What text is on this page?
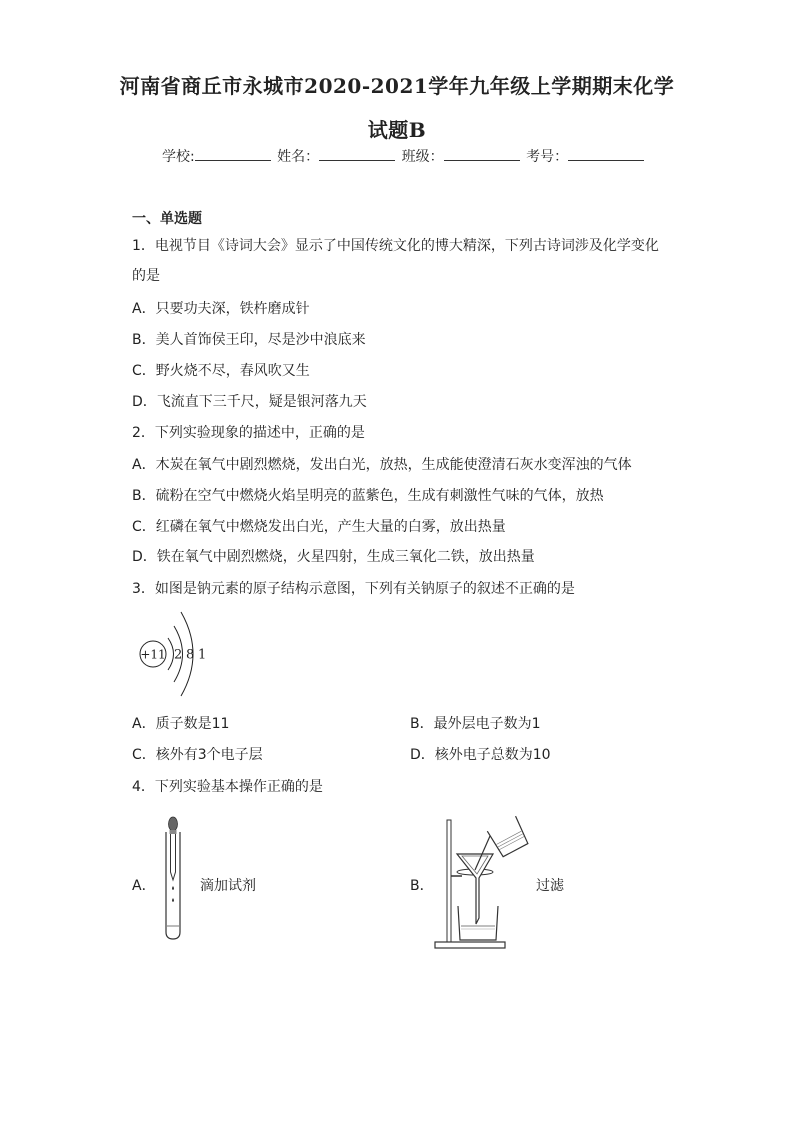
河南省商丘市永城市2020-2021学年九年级上学期期末化学
试题B
学校:	姓名：	班级：	考号：
一、单选题
1．电视节目《诗词大会》显示了中国传统文化的博大精深，下列古诗词涉及化学变化
的是
A．只要功夫深，铁杵磨成针
B．美人首饰侯王印，尽是沙中浪底来
C．野火烧不尽，春风吹又生
D．飞流直下三千尺，疑是银河落九天
2．下列实验现象的描述中，正确的是
A．木炭在氧气中剧烈燃烧，发出白光，放热，生成能使澄清石灰水变浑浊的气体
B．硫粉在空气中燃烧火焰呈明亮的蓝紫色，生成有刺激性气味的气体，放热
C．红磷在氧气中燃烧发出白光，产生大量的白雾，放出热量
D．铁在氧气中剧烈燃烧，火星四射，生成三氧化二铁，放出热量
3．如图是钠元素的原子结构示意图，下列有关钠原子的叙述不正确的是
+11 2 8 1
A．质子数是11	B．最外层电子数为1
C．核外有3个电子层	D．核外电子总数为10
4．下列实验基本操作正确的是
A．	滴加试剂	B．	过滤
